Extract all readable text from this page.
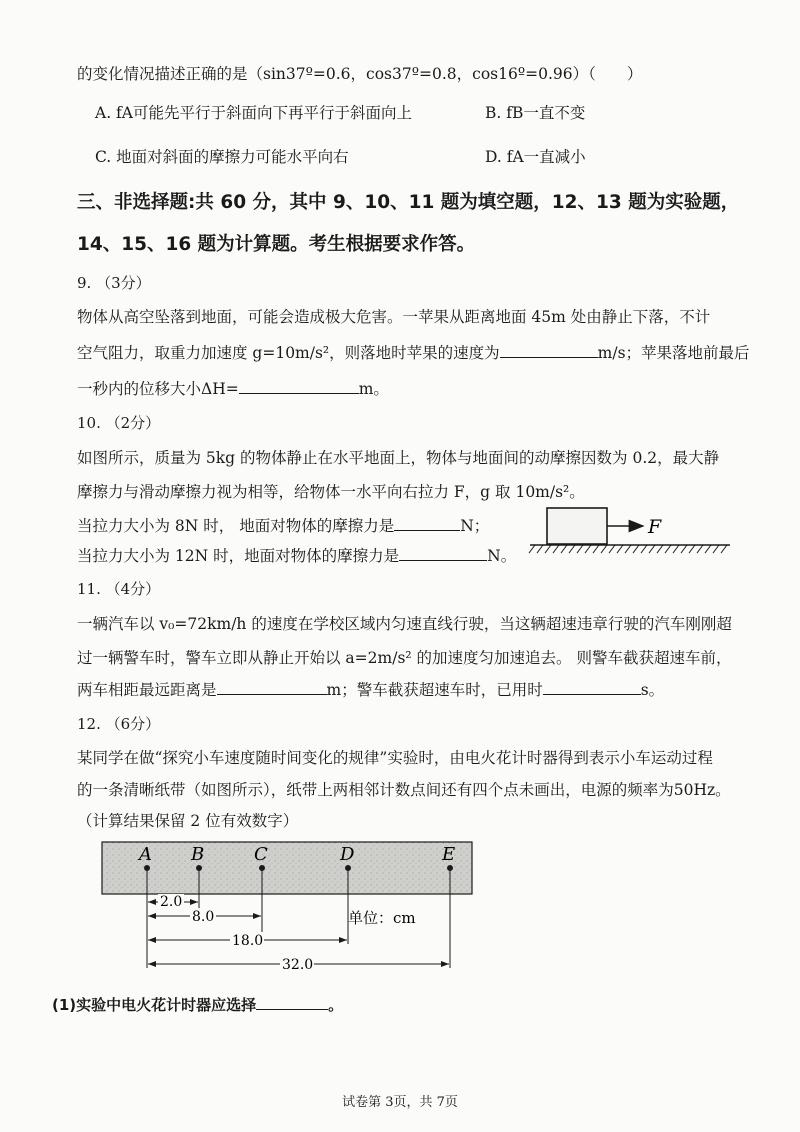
的变化情况描述正确的是（sin37º=0.6，cos37º=0.8，cos16º=0.96）（　　）
A. fA可能先平行于斜面向下再平行于斜面向上	B. fB一直不变
C. 地面对斜面的摩擦力可能水平向右	D. fA一直减小
三、非选择题:共 60 分，其中 9、10、11 题为填空题，12、13 题为实验题，
14、15、16 题为计算题。考生根据要求作答。
9. （3分）
物体从高空坠落到地面，可能会造成极大危害。一苹果从距离地面 45m 处由静止下落，不计
空气阻力，取重力加速度 g=10m/s²，则落地时苹果的速度为	m/s；苹果落地前最后
一秒内的位移大小ΔH=	m。
10. （2分）
如图所示，质量为 5kg 的物体静止在水平地面上，物体与地面间的动摩擦因数为 0.2，最大静
摩擦力与滑动摩擦力视为相等，给物体一水平向右拉力 F，g 取 10m/s²。
当拉力大小为 8N 时， 地面对物体的摩擦力是	N；
当拉力大小为 12N 时，地面对物体的摩擦力是	N。
F
11. （4分）
一辆汽车以 v₀=72km/h 的速度在学校区域内匀速直线行驶，当这辆超速违章行驶的汽车刚刚超
过一辆警车时，警车立即从静止开始以 a=2m/s² 的加速度匀加速追去。 则警车截获超速车前，
两车相距最远距离是	m；警车截获超速车时，已用时	s。
12. （6分）
某同学在做“探究小车速度随时间变化的规律”实验时，由电火花计时器得到表示小车运动过程
的一条清晰纸带（如图所示），纸带上两相邻计数点间还有四个点未画出，电源的频率为50Hz。
（计算结果保留 2 位有效数字）
A B	C	D	E
2.0
8.0
18.0
32.0
单位：cm
(1)实验中电火花计时器应选择	。
试卷第 3页，共 7页
